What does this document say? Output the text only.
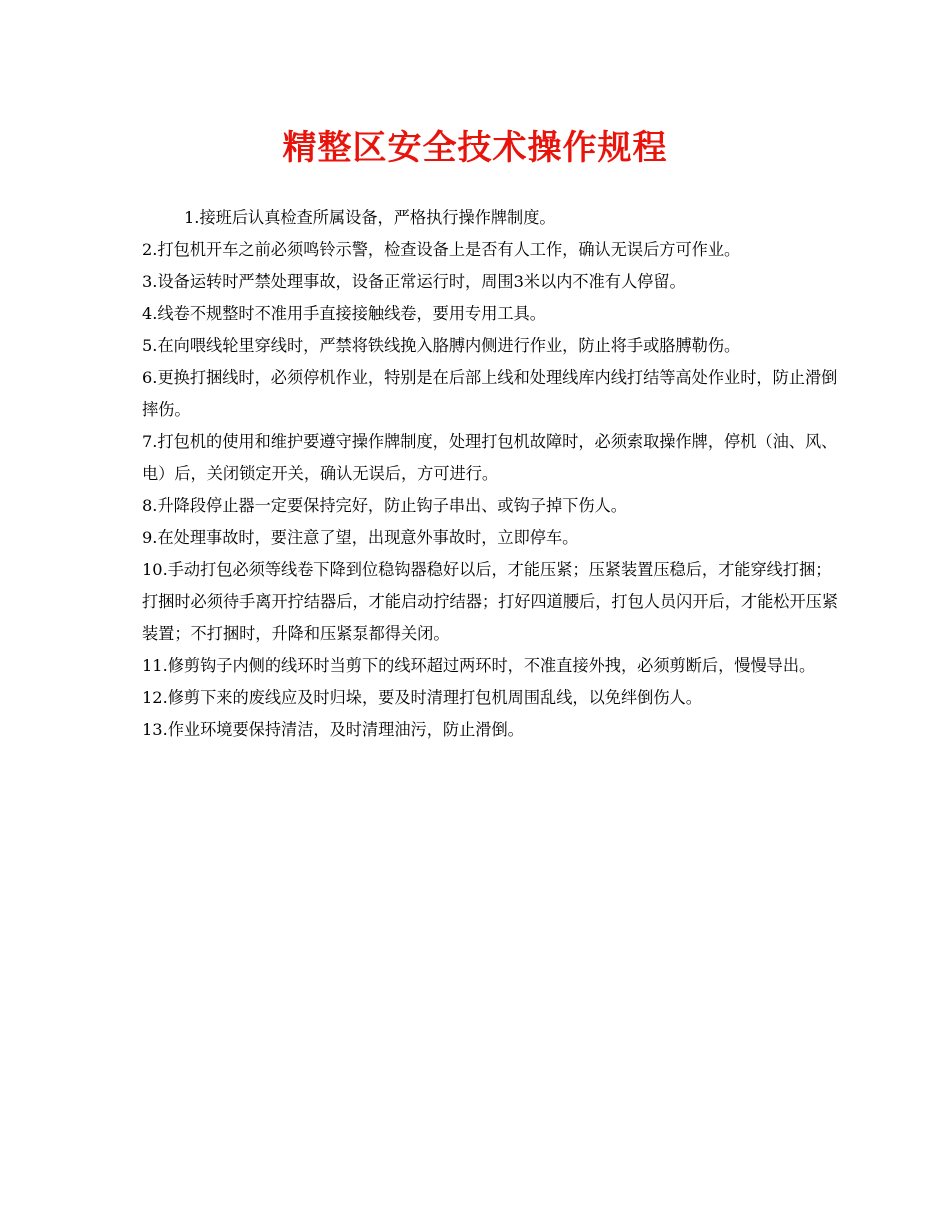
精整区安全技术操作规程

1.接班后认真检查所属设备，严格执行操作牌制度。

2.打包机开车之前必须鸣铃示警，检查设备上是否有人工作，确认无误后方可作业。

3.设备运转时严禁处理事故，设备正常运行时，周围3米以内不准有人停留。

4.线卷不规整时不准用手直接接触线卷，要用专用工具。

5.在向喂线轮里穿线时，严禁将铁线挽入胳膊内侧进行作业，防止将手或胳膊勒伤。

6.更换打捆线时，必须停机作业，特别是在后部上线和处理线库内线打结等高处作业时，防止滑倒摔伤。

7.打包机的使用和维护要遵守操作牌制度，处理打包机故障时，必须索取操作牌，停机（油、风、电）后，关闭锁定开关，确认无误后，方可进行。

8.升降段停止器一定要保持完好，防止钩子串出、或钩子掉下伤人。

9.在处理事故时，要注意了望，出现意外事故时，立即停车。

10.手动打包必须等线卷下降到位稳钩器稳好以后，才能压紧；压紧装置压稳后，才能穿线打捆；打捆时必须待手离开拧结器后，才能启动拧结器；打好四道腰后，打包人员闪开后，才能松开压紧装置；不打捆时，升降和压紧泵都得关闭。

11.修剪钩子内侧的线环时当剪下的线环超过两环时，不准直接外拽，必须剪断后，慢慢导出。

12.修剪下来的废线应及时归垛，要及时清理打包机周围乱线，以免绊倒伤人。

13.作业环境要保持清洁，及时清理油污，防止滑倒。
